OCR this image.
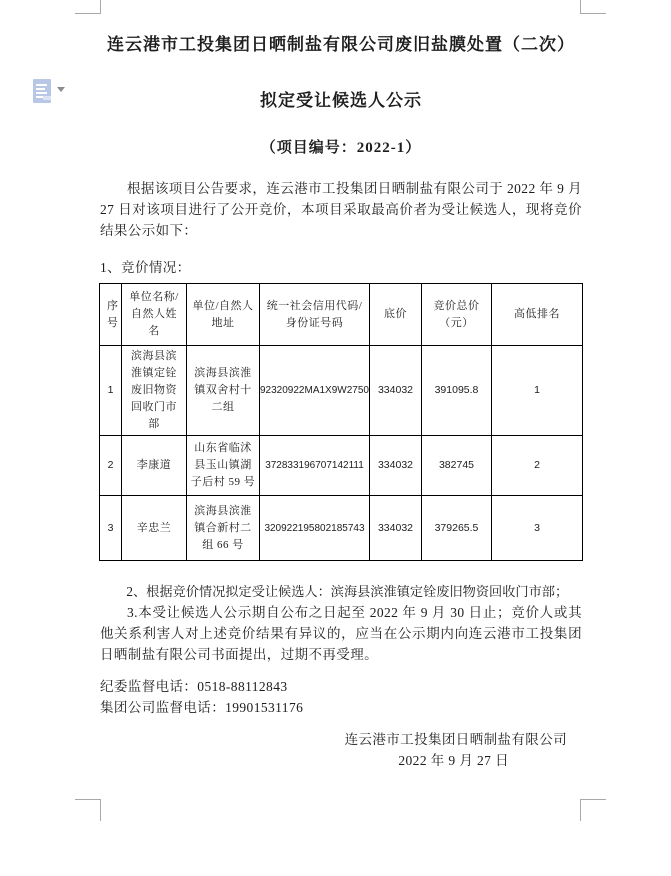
连云港市工投集团日晒制盐有限公司废旧盐膜处置（二次）
拟定受让候选人公示
（项目编号：2022-1）
根据该项目公告要求，连云港市工投集团日晒制盐有限公司于 2022 年 9 月 27 日对该项目进行了公开竞价，本项目采取最高价者为受让候选人，现将竞价结果公示如下：
1、竞价情况：
序号	单位名称/自然人姓名	单位/自然人地址	统一社会信用代码/身份证号码	底价	竞价总价（元）	高低排名
1	滨海县滨淮镇定铨废旧物资回收门市部	滨海县滨淮镇双舍村十二组	92320922MA1X9W2750	334032	391095.8	1
2	李康道	山东省临沭县玉山镇湖子后村 59 号	372833196707142111	334032	382745	2
3	辛忠兰	滨海县滨淮镇合新村二组 66 号	320922195802185743	334032	379265.5	3
2、根据竞价情况拟定受让候选人：滨海县滨淮镇定铨废旧物资回收门市部；
3.本受让候选人公示期自公布之日起至 2022 年 9 月 30 日止；竞价人或其他关系利害人对上述竞价结果有异议的，应当在公示期内向连云港市工投集团日晒制盐有限公司书面提出，过期不再受理。
纪委监督电话：0518-88112843
集团公司监督电话：19901531176
连云港市工投集团日晒制盐有限公司
2022 年 9 月 27 日
